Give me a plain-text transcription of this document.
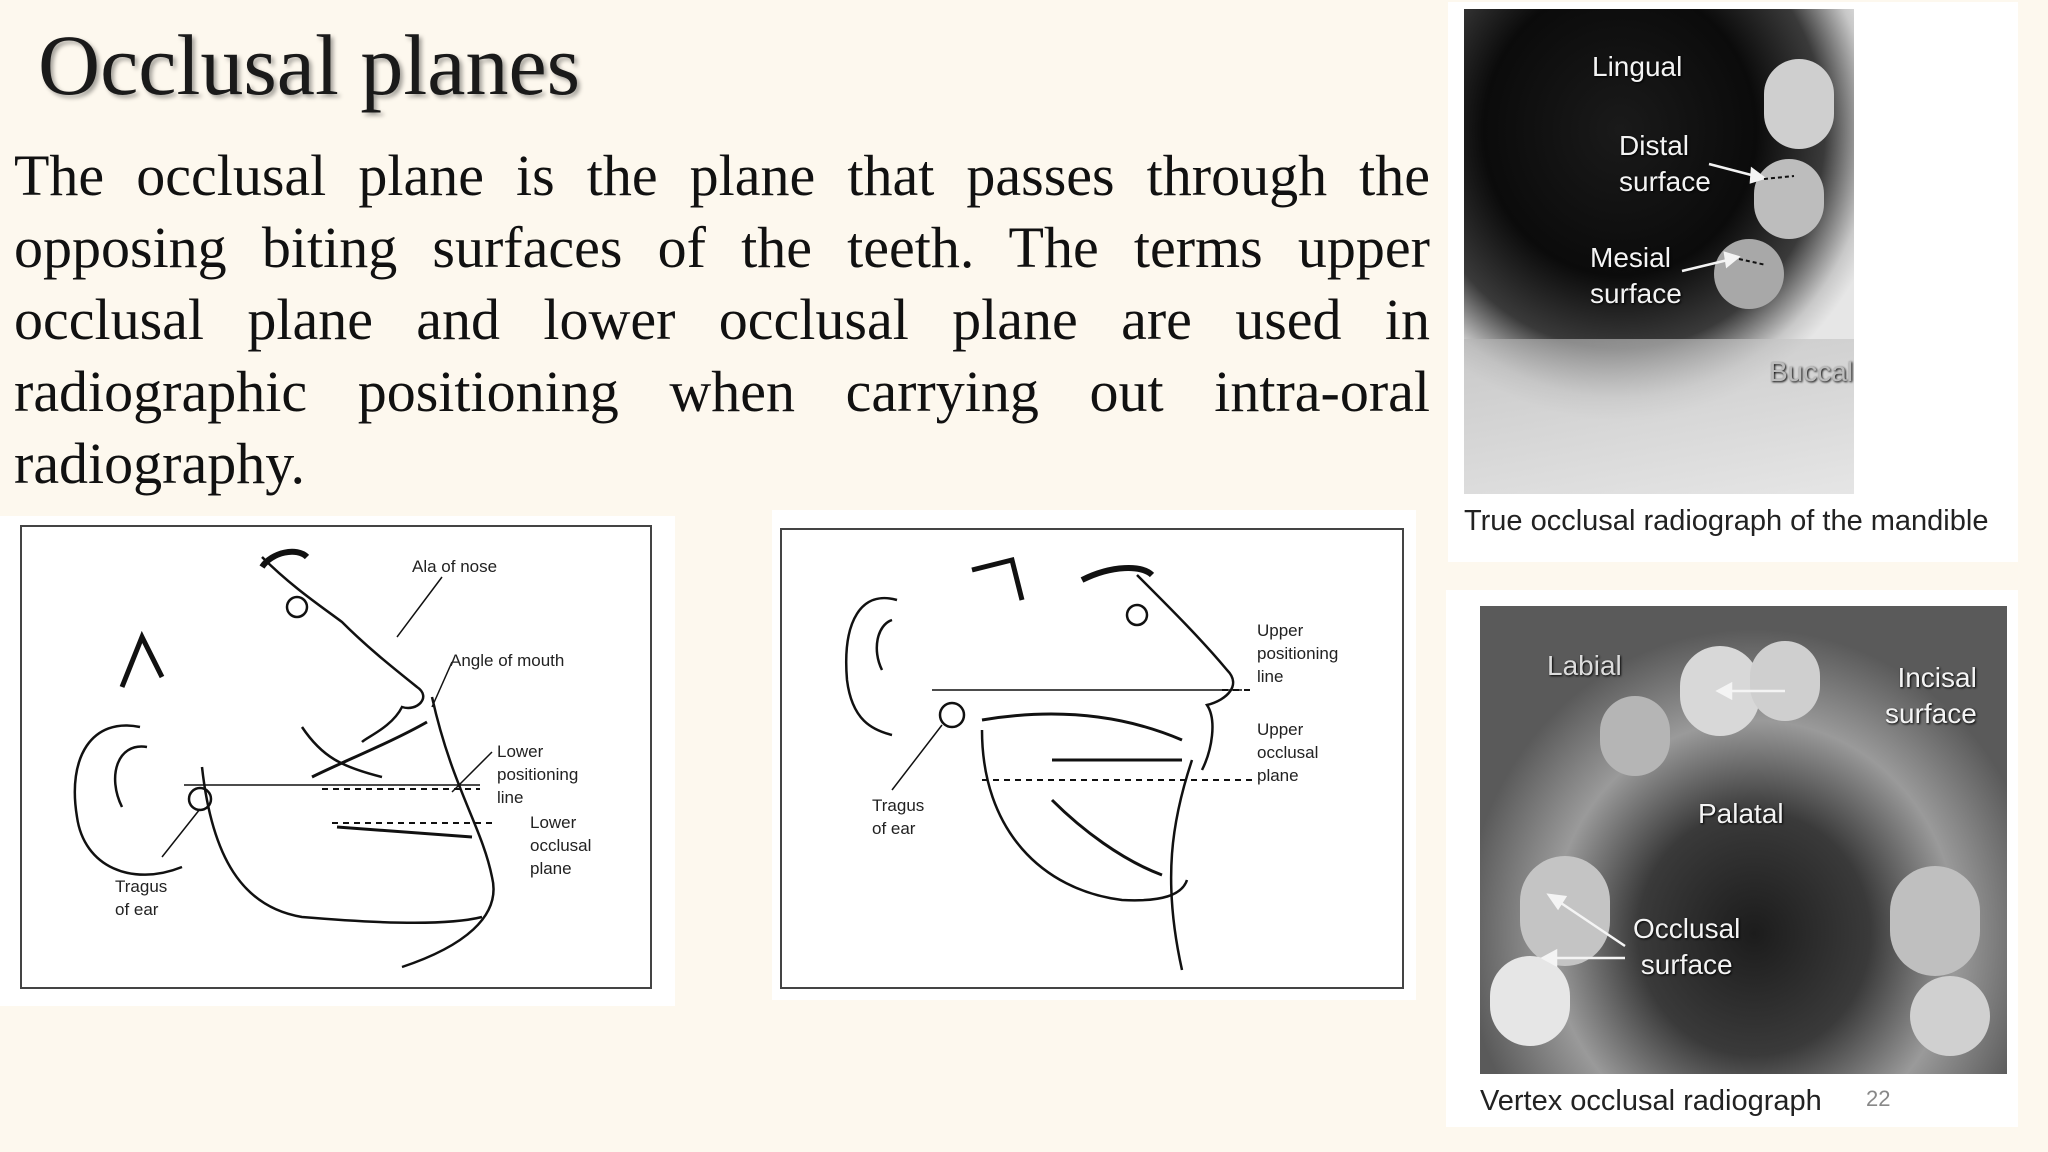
Occlusal planes

The occlusal plane is the plane that passes through the opposing biting surfaces of the teeth. The terms upper occlusal plane and lower occlusal plane are used in radiographic positioning when carrying out intra-oral radiography.

Ala of nose
Angle of mouth
Lower
positioning
line
Lower
occlusal
plane
Tragus
of ear
Upper
positioning
line
Upper
occlusal
plane
Tragus
of ear
Lingual
Distal
surface
Mesial
surface
Buccal
True occlusal radiograph of the mandible
Labial	Incisal
surface
Palatal
Occlusal
surface
Vertex occlusal radiograph 22
